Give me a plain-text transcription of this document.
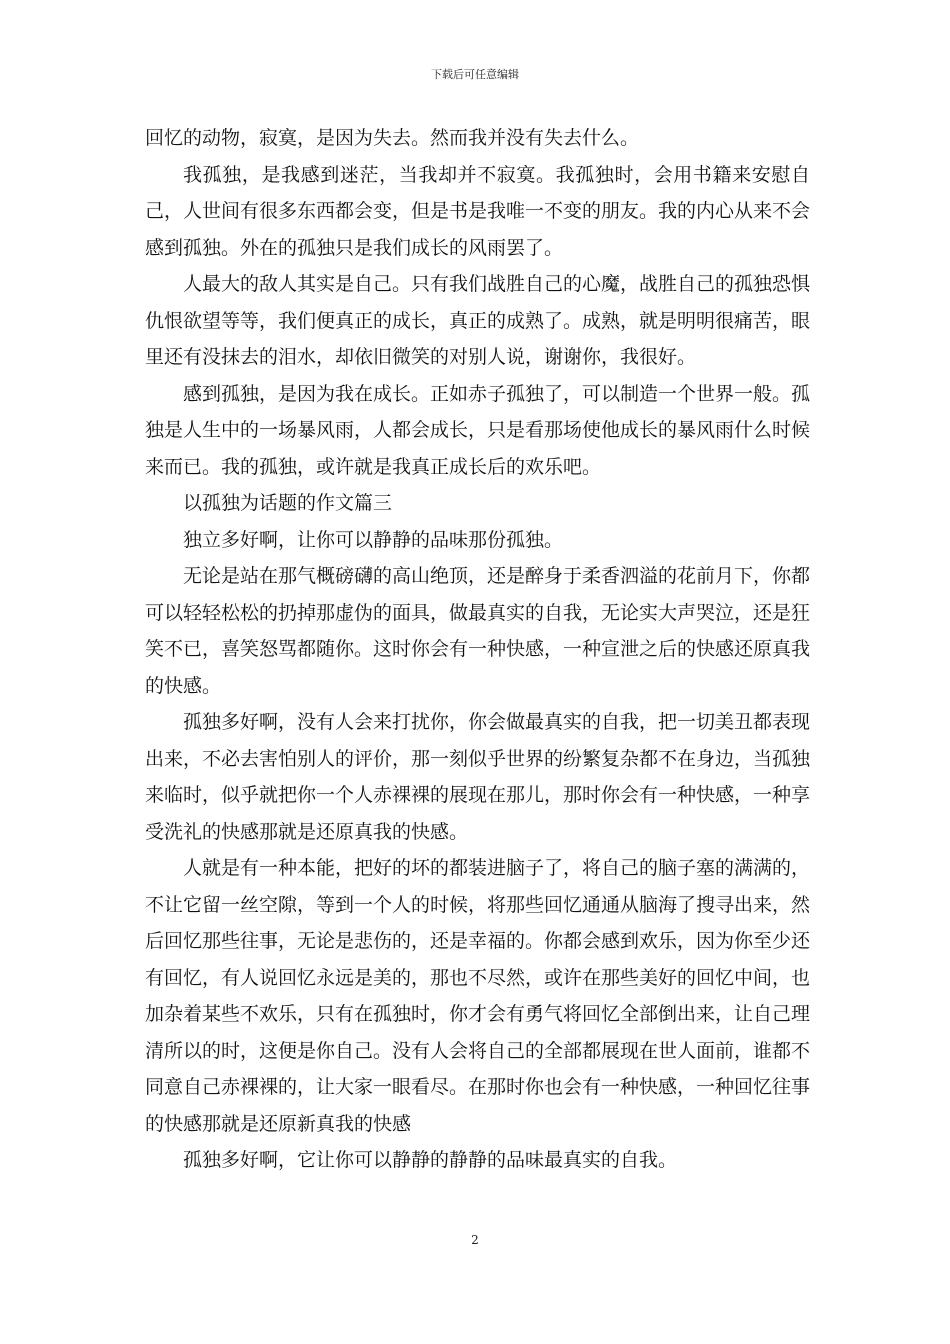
下载后可任意编辑

回忆的动物，寂寞，是因为失去。然而我并没有失去什么。

我孤独，是我感到迷茫，当我却并不寂寞。我孤独时，会用书籍来安慰自己，人世间有很多东西都会变，但是书是我唯一不变的朋友。我的内心从来不会感到孤独。外在的孤独只是我们成长的风雨罢了。

人最大的敌人其实是自己。只有我们战胜自己的心魔，战胜自己的孤独恐惧仇恨欲望等等，我们便真正的成长，真正的成熟了。成熟，就是明明很痛苦，眼里还有没抹去的泪水，却依旧微笑的对别人说，谢谢你，我很好。

感到孤独，是因为我在成长。正如赤子孤独了，可以制造一个世界一般。孤独是人生中的一场暴风雨，人都会成长，只是看那场使他成长的暴风雨什么时候来而已。我的孤独，或许就是我真正成长后的欢乐吧。

以孤独为话题的作文篇三

独立多好啊，让你可以静静的品味那份孤独。

无论是站在那气概磅礴的高山绝顶，还是醉身于柔香泗溢的花前月下，你都可以轻轻松松的扔掉那虚伪的面具，做最真实的自我，无论实大声哭泣，还是狂笑不已，喜笑怒骂都随你。这时你会有一种快感，一种宣泄之后的快感还原真我的快感。

孤独多好啊，没有人会来打扰你，你会做最真实的自我，把一切美丑都表现出来，不必去害怕别人的评价，那一刻似乎世界的纷繁复杂都不在身边，当孤独来临时，似乎就把你一个人赤裸裸的展现在那儿，那时你会有一种快感，一种享受洗礼的快感那就是还原真我的快感。

人就是有一种本能，把好的坏的都装进脑子了，将自己的脑子塞的满满的，不让它留一丝空隙，等到一个人的时候，将那些回忆通通从脑海了搜寻出来，然后回忆那些往事，无论是悲伤的，还是幸福的。你都会感到欢乐，因为你至少还有回忆，有人说回忆永远是美的，那也不尽然，或许在那些美好的回忆中间，也加杂着某些不欢乐，只有在孤独时，你才会有勇气将回忆全部倒出来，让自己理清所以的时，这便是你自己。没有人会将自己的全部都展现在世人面前，谁都不同意自己赤裸裸的，让大家一眼看尽。在那时你也会有一种快感，一种回忆往事的快感那就是还原新真我的快感

孤独多好啊，它让你可以静静的静静的品味最真实的自我。

2
